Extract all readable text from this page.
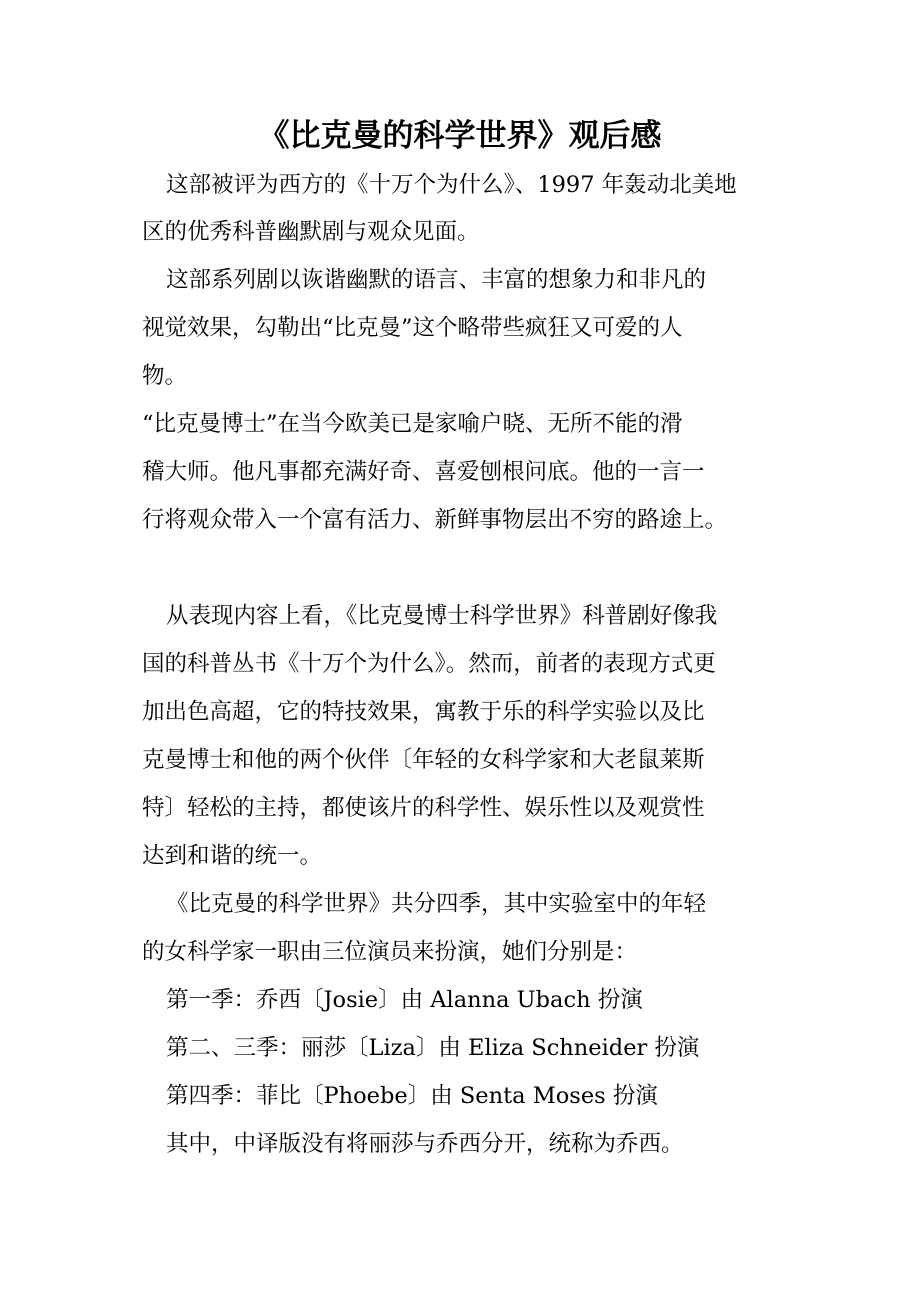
《比克曼的科学世界》观后感
这部被评为西方的《十万个为什么》、1997 年轰动北美地
区的优秀科普幽默剧与观众见面。
这部系列剧以诙谐幽默的语言、丰富的想象力和非凡的
视觉效果，勾勒出“比克曼”这个略带些疯狂又可爱的人
物。
“比克曼博士”在当今欧美已是家喻户晓、无所不能的滑
稽大师。他凡事都充满好奇、喜爱刨根问底。他的一言一
行将观众带入一个富有活力、新鲜事物层出不穷的路途上。
从表现内容上看，《比克曼博士科学世界》科普剧好像我
国的科普丛书《十万个为什么》。然而，前者的表现方式更
加出色高超，它的特技效果，寓教于乐的科学实验以及比
克曼博士和他的两个伙伴〔年轻的女科学家和大老鼠莱斯
特〕轻松的主持，都使该片的科学性、娱乐性以及观赏性
达到和谐的统一。
《比克曼的科学世界》共分四季，其中实验室中的年轻
的女科学家一职由三位演员来扮演，她们分别是：
第一季：乔西〔Josie〕由 Alanna Ubach 扮演
第二、三季：丽莎〔Liza〕由 Eliza Schneider 扮演
第四季：菲比〔Phoebe〕由 Senta Moses 扮演
其中，中译版没有将丽莎与乔西分开，统称为乔西。
